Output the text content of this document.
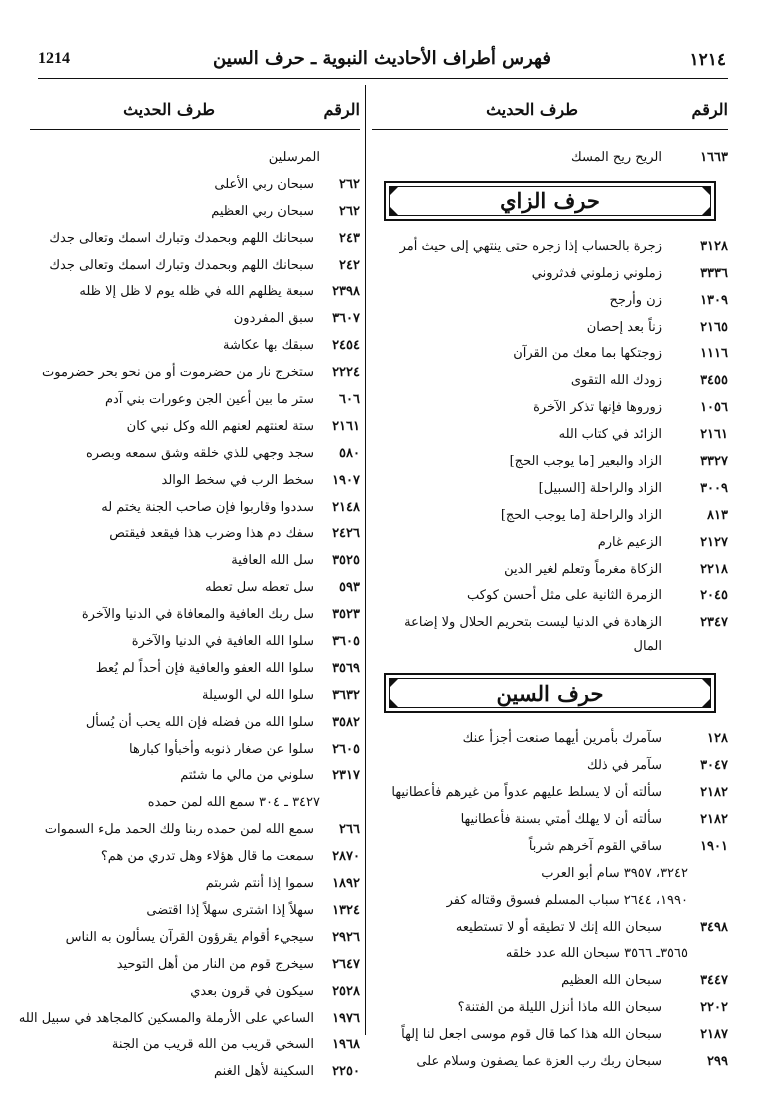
١٢١٤
فهرس أطراف الأحاديث النبوية ـ حرف السين
1214
الرقم
طرف الحديث
١٦٦٣
الريح ريح المسك
حرف الزاي
٣١٢٨
زجرة بالحساب إذا زجره حتى ينتهي إلى حيث أمر
٣٣٣٦
زملوني زملوني فدثروني
١٣٠٩
زن وأرجح
٢١٦٥
زناً بعد إحصان
١١١٦
زوجتكها بما معك من القرآن
٣٤٥٥
زودك الله التقوى
١٠٥٦
زوروها فإنها تذكر الآخرة
٢١٦١
الزائد في كتاب الله
٣٣٢٧
الزاد والبعير [ما يوجب الحج]
٣٠٠٩
الزاد والراحلة [السبيل]
٨١٣
الزاد والراحلة [ما يوجب الحج]
٢١٢٧
الزعيم غارم
٢٢١٨
الزكاة مغرماً وتعلم لغير الدين
٢٠٤٥
الزمرة الثانية على مثل أحسن كوكب
٢٣٤٧
الزهادة في الدنيا ليست بتحريم الحلال ولا إضاعة المال
حرف السين
١٢٨
سآمرك بأمرين أيهما صنعت أجزأ عنك
٣٠٤٧
سآمر في ذلك
٢١٨٢
سألته أن لا يسلط عليهم عدواً من غيرهم فأعطانيها
٢١٨٢
سألته أن لا يهلك أمتي بسنة فأعطانيها
١٩٠١
ساقي القوم آخرهم شرباً
٣٢٤٢، ٣٩٥٧ سام أبو العرب
١٩٩٠، ٢٦٤٤ سباب المسلم فسوق وقتاله كفر
٣٤٩٨
سبحان الله إنك لا تطيقه أو لا تستطيعه
٣٥٦٥ـ ٣٥٦٦ سبحان الله عدد خلقه
٣٤٤٧
سبحان الله العظيم
٢٢٠٢
سبحان الله ماذا أنزل الليلة من الفتنة؟
٢١٨٧
سبحان الله هذا كما قال قوم موسى اجعل لنا إلهاً
٢٩٩
سبحان ربك رب العزة عما يصفون وسلام على
الرقم
طرف الحديث
المرسلين
٢٦٢
سبحان ربي الأعلى
٢٦٢
سبحان ربي العظيم
٢٤٣
سبحانك اللهم وبحمدك وتبارك اسمك وتعالى جدك
٢٤٢
سبحانك اللهم وبحمدك وتبارك اسمك وتعالى جدك
٢٣٩٨
سبعة يظلهم الله في ظله يوم لا ظل إلا ظله
٣٦٠٧
سبق المفردون
٢٤٥٤
سبقك بها عكاشة
٢٢٢٤
ستخرج نار من حضرموت أو من نحو بحر حضرموت
٦٠٦
ستر ما بين أعين الجن وعورات بني آدم
٢١٦١
ستة لعنتهم لعنهم الله وكل نبي كان
٥٨٠
سجد وجهي للذي خلقه وشق سمعه وبصره
١٩٠٧
سخط الرب في سخط الوالد
٢١٤٨
سددوا وقاربوا فإن صاحب الجنة يختم له
٢٤٢٦
سفك دم هذا وضرب هذا فيقعد فيقتص
٣٥٢٥
سل الله العافية
٥٩٣
سل تعطه سل تعطه
٣٥٢٣
سل ربك العافية والمعافاة في الدنيا والآخرة
٣٦٠٥
سلوا الله العافية في الدنيا والآخرة
٣٥٦٩
سلوا الله العفو والعافية فإن أحداً لم يُعط
٣٦٣٢
سلوا الله لي الوسيلة
٣٥٨٢
سلوا الله من فضله فإن الله يحب أن يُسأل
٢٦٠٥
سلوا عن صغار ذنوبه وأخبأوا كبارها
٢٣١٧
سلوني من مالي ما شئتم
٣٤٢٧ ـ ٣٠٤ سمع الله لمن حمده
٢٦٦
سمع الله لمن حمده ربنا ولك الحمد ملء السموات
٢٨٧٠
سمعت ما قال هؤلاء وهل تدري من هم؟
١٨٩٢
سموا إذا أنتم شربتم
١٣٢٤
سهلاً إذا اشترى سهلاً إذا اقتضى
٢٩٢٦
سيجيء أقوام يقرؤون القرآن يسألون به الناس
٢٦٤٧
سيخرج قوم من النار من أهل التوحيد
٢٥٢٨
سيكون في قرون بعدي
١٩٧٦
الساعي على الأرملة والمسكين كالمجاهد في سبيل الله
١٩٦٨
السخي قريب من الله قريب من الجنة
٢٢٥٠
السكينة لأهل الغنم
